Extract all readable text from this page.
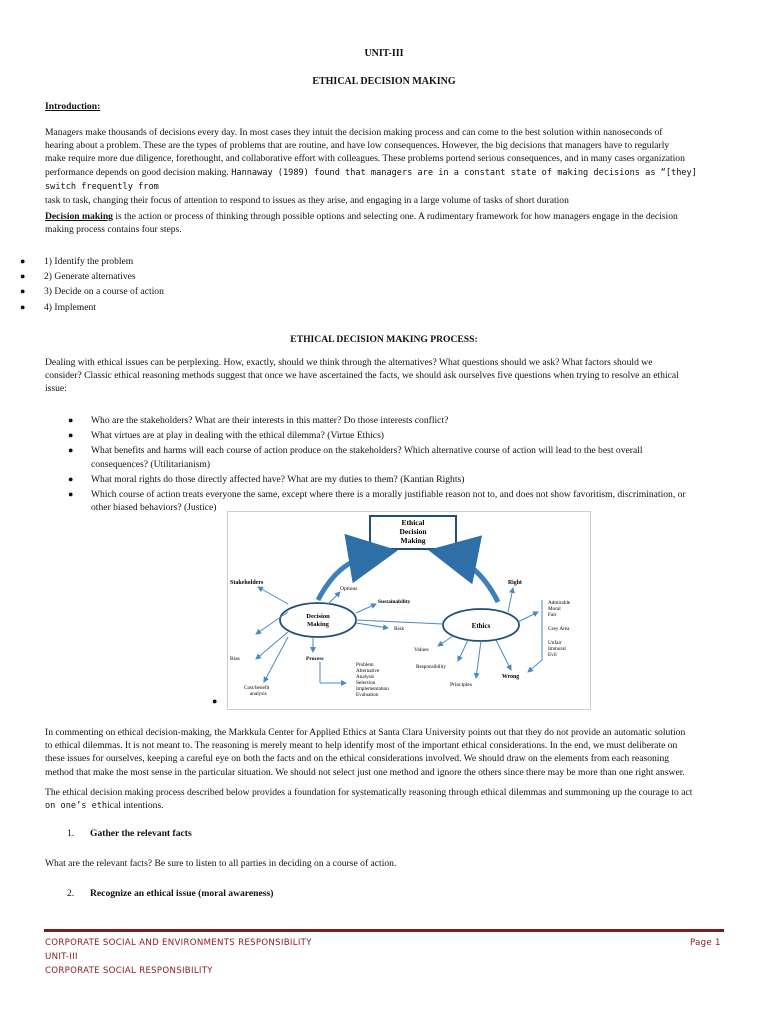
UNIT-III
ETHICAL DECISION MAKING
Introduction:
Managers make thousands of decisions every day. In most cases they intuit the decision making process and can come to the best solution within nanoseconds of
hearing about a problem. These are the types of problems that are routine, and have low consequences. However, the big decisions that managers have to regularly
make require more due diligence, forethought, and collaborative effort with colleagues. These problems portend serious consequences, and in many cases organization
performance depends on good decision making. Hannaway (1989) found that managers are in a constant state of making decisions as “[they] switch frequently from
task to task, changing their focus of attention to respond to issues as they arise, and engaging in a large volume of tasks of short duration
Decision making is the action or process of thinking through possible options and selecting one. A rudimentary framework for how managers engage in the decision
making process contains four steps.
●	1) Identify the problem
●	2) Generate alternatives
●	3) Decide on a course of action
●	4) Implement
ETHICAL DECISION MAKING PROCESS:
Dealing with ethical issues can be perplexing. How, exactly, should we think through the alternatives? What questions should we ask? What factors should we
consider? Classic ethical reasoning methods suggest that once we have ascertained the facts, we should ask ourselves five questions when trying to resolve an ethical
issue:
●	Who are the stakeholders? What are their interests in this matter? Do those interests conflict?
●	What virtues are at play in dealing with the ethical dilemma? (Virtue Ethics)
●	What benefits and harms will each course of action produce on the stakeholders? Which alternative course of action will lead to the best overall
consequences? (Utilitarianism)
●	What moral rights do those directly affected have? What are my duties to them? (Kantian Rights)
●	Which course of action treats everyone the same, except where there is a morally justifiable reason not to, and does not show favoritism, discrimination, or
other biased behaviors? (Justice)
Ethical
Decision
Making
Decision
Making	Ethics
Stakeholders
Options
Sustainability
Risk
Bias	Process
Cost/benefit
analysis
Problem
Alternative
Analysis
Selection
Implementation
Evaluation
Right
Values
Responsibility
Principles
Wrong
Admirable
Moral
Fair
Grey Area
Unfair
Immoral
Evil
●
In commenting on ethical decision-making, the Markkula Center for Applied Ethics at Santa Clara University points out that they do not provide an automatic solution
to ethical dilemmas. It is not meant to. The reasoning is merely meant to help identify most of the important ethical considerations. In the end, we must deliberate on
these issues for ourselves, keeping a careful eye on both the facts and on the ethical considerations involved. We should draw on the elements from each reasoning
method that make the most sense in the particular situation. We should not select just one method and ignore the others since there may be more than one right answer.
The ethical decision making process described below provides a foundation for systematically reasoning through ethical dilemmas and summoning up the courage to act
on one’s ethical intentions.
1. Gather the relevant facts
What are the relevant facts? Be sure to listen to all parties in deciding on a course of action.
2. Recognize an ethical issue (moral awareness)
CORPORATE SOCIAL AND ENVIRONMENTS RESPONSIBILITY	Page 1
UNIT-III
CORPORATE SOCIAL RESPONSIBILITY
